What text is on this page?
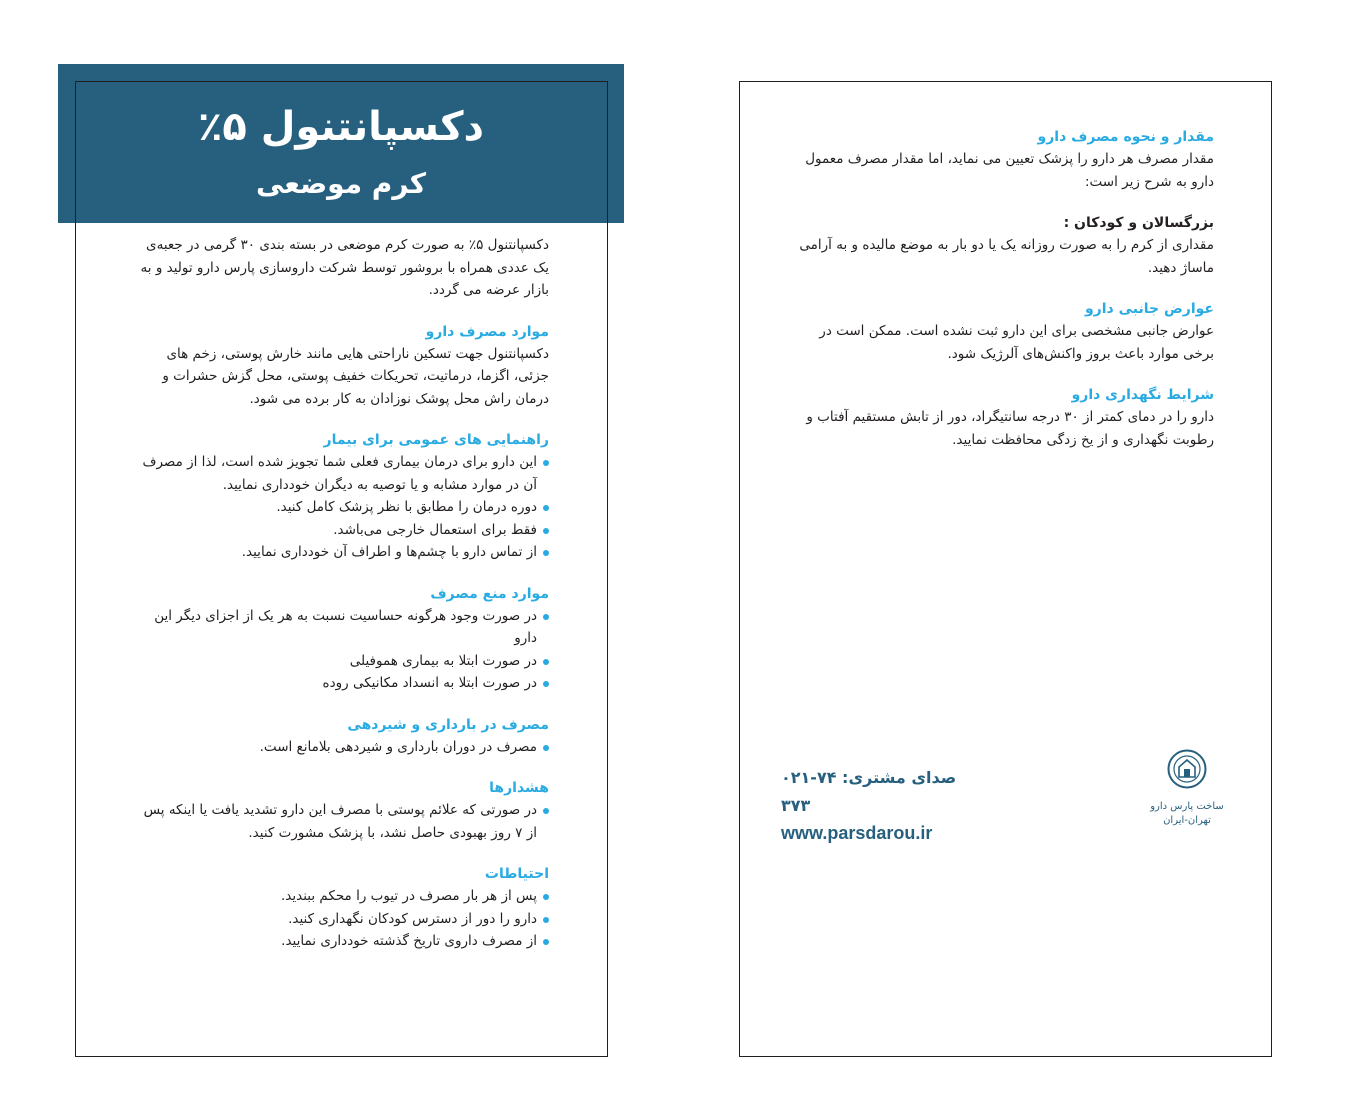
دکسپانتنول ۵٪
کرم موضعی

دکسپانتنول ۵٪ به صورت کرم موضعی در بسته بندی ۳۰ گرمی در جعبه‌ی یک عددی همراه با بروشور توسط شرکت داروسازی پارس دارو تولید و به بازار عرضه می گردد.

موارد مصرف دارو

دکسپانتنول جهت تسکین ناراحتی هایی مانند خارش پوستی، زخم های جزئی، اگزما، درماتیت، تحریکات خفیف پوستی، محل گزش حشرات و درمان راش محل پوشک نوزادان به کار برده می شود.

راهنمایی های عمومی برای بیمار
این دارو برای درمان بیماری فعلی شما تجویز شده است، لذا از مصرف آن در موارد مشابه و یا توصیه به دیگران خودداری نمایید.
دوره درمان را مطابق با نظر پزشک کامل کنید.
فقط برای استعمال خارجی می‌باشد.
از تماس دارو با چشم‌ها و اطراف آن خودداری نمایید.
موارد منع مصرف
در صورت وجود هرگونه حساسیت نسبت به هر یک از اجزای دیگر این دارو
در صورت ابتلا به بیماری هموفیلی
در صورت ابتلا به انسداد مکانیکی روده
مصرف در بارداری و شیردهی
مصرف در دوران بارداری و شیردهی بلامانع است.
هشدارها
در صورتی که علائم پوستی با مصرف این دارو تشدید یافت یا اینکه پس از ۷ روز بهبودی حاصل نشد، با پزشک مشورت کنید.
احتیاطات
پس از هر بار مصرف در تیوب را محکم ببندید.
دارو را دور از دسترس کودکان نگهداری کنید.
از مصرف داروی تاریخ گذشته خودداری نمایید.
مقدار و نحوه مصرف دارو

مقدار مصرف هر دارو را پزشک تعیین می نماید، اما مقدار مصرف معمول دارو به شرح زیر است:

بزرگسالان و کودکان :

مقداری از کرم را به صورت روزانه یک یا دو بار به موضع مالیده و به آرامی ماساژ دهید.

عوارض جانبی دارو

عوارض جانبی مشخصی برای این دارو ثبت نشده است. ممکن است در برخی موارد باعث بروز واکنش‌های آلرژیک شود.

شرایط نگهداری دارو

دارو را در دمای کمتر از ۳۰ درجه سانتیگراد، دور از تابش مستقیم آفتاب و رطوبت نگهداری و از یخ زدگی محافظت نمایید.

صدای مشتری: ۰۲۱-۷۴ ۳۷۳
www.parsdarou.ir
ساخت پارس دارو
تهران-ایران
